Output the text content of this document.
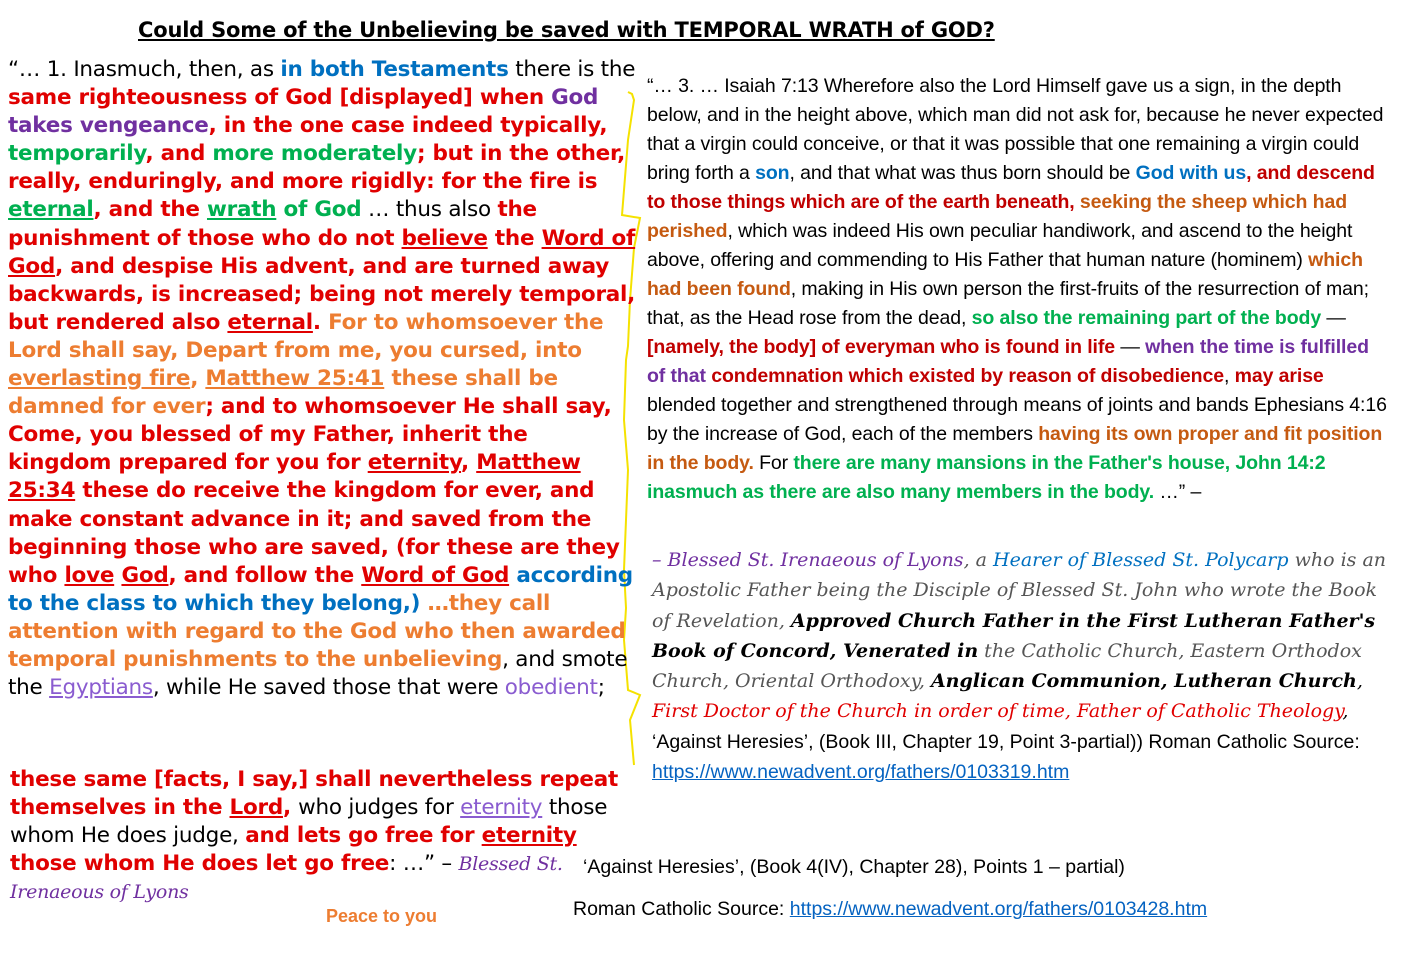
Could Some of the Unbelieving be saved with TEMPORAL WRATH of GOD?
“… 1. Inasmuch, then, as in both Testaments there is the same righteousness of God [displayed] when God takes vengeance, in the one case indeed typically, temporarily, and more moderately; but in the other, really, enduringly, and more rigidly: for the fire is eternal, and the wrath of God … thus also the punishment of those who do not believe the Word of God, and despise His advent, and are turned away backwards, is increased; being not merely temporal, but rendered also eternal. For to whomsoever the Lord shall say, Depart from me, you cursed, into everlasting fire, Matthew 25:41 these shall be damned for ever; and to whomsoever He shall say, Come, you blessed of my Father, inherit the kingdom prepared for you for eternity, Matthew 25:34 these do receive the kingdom for ever, and make constant advance in it; and saved from the beginning those who are saved, (for these are they who love God, and follow the Word of God according to the class to which they belong,) …they call attention with regard to the God who then awarded temporal punishments to the unbelieving, and smote the Egyptians, while He saved those that were obedient;
these same [facts, I say,] shall nevertheless repeat themselves in the Lord, who judges for eternity those whom He does judge, and lets go free for eternity those whom He does let go free: …” – Blessed St. Irenaeous of Lyons
Peace to you
“… 3. … Isaiah 7:13 Wherefore also the Lord Himself gave us a sign, in the depth below, and in the height above, which man did not ask for, because he never expected that a virgin could conceive, or that it was possible that one remaining a virgin could bring forth a son, and that what was thus born should be God with us, and descend to those things which are of the earth beneath, seeking the sheep which had perished, which was indeed His own peculiar handiwork, and ascend to the height above, offering and commending to His Father that human nature (hominem) which had been found, making in His own person the first-fruits of the resurrection of man; that, as the Head rose from the dead, so also the remaining part of the body — [namely, the body] of everyman who is found in life — when the time is fulfilled of that condemnation which existed by reason of disobedience, may arise blended together and strengthened through means of joints and bands Ephesians 4:16 by the increase of God, each of the members having its own proper and fit position in the body. For there are many mansions in the Father's house, John 14:2 inasmuch as there are also many members in the body. …” –
– Blessed St. Irenaeous of Lyons, a Hearer of Blessed St. Polycarp who is an Apostolic Father being the Disciple of Blessed St. John who wrote the Book of Revelation, Approved Church Father in the First Lutheran Father's Book of Concord, Venerated in the Catholic Church, Eastern Orthodox Church, Oriental Orthodoxy, Anglican Communion, Lutheran Church, First Doctor of the Church in order of time, Father of Catholic Theology, ‘Against Heresies’, (Book III, Chapter 19, Point 3-partial)) Roman Catholic Source:
https://www.newadvent.org/fathers/0103319.htm
‘Against Heresies’, (Book 4(IV), Chapter 28), Points 1 – partial)
Roman Catholic Source: https://www.newadvent.org/fathers/0103428.htm
